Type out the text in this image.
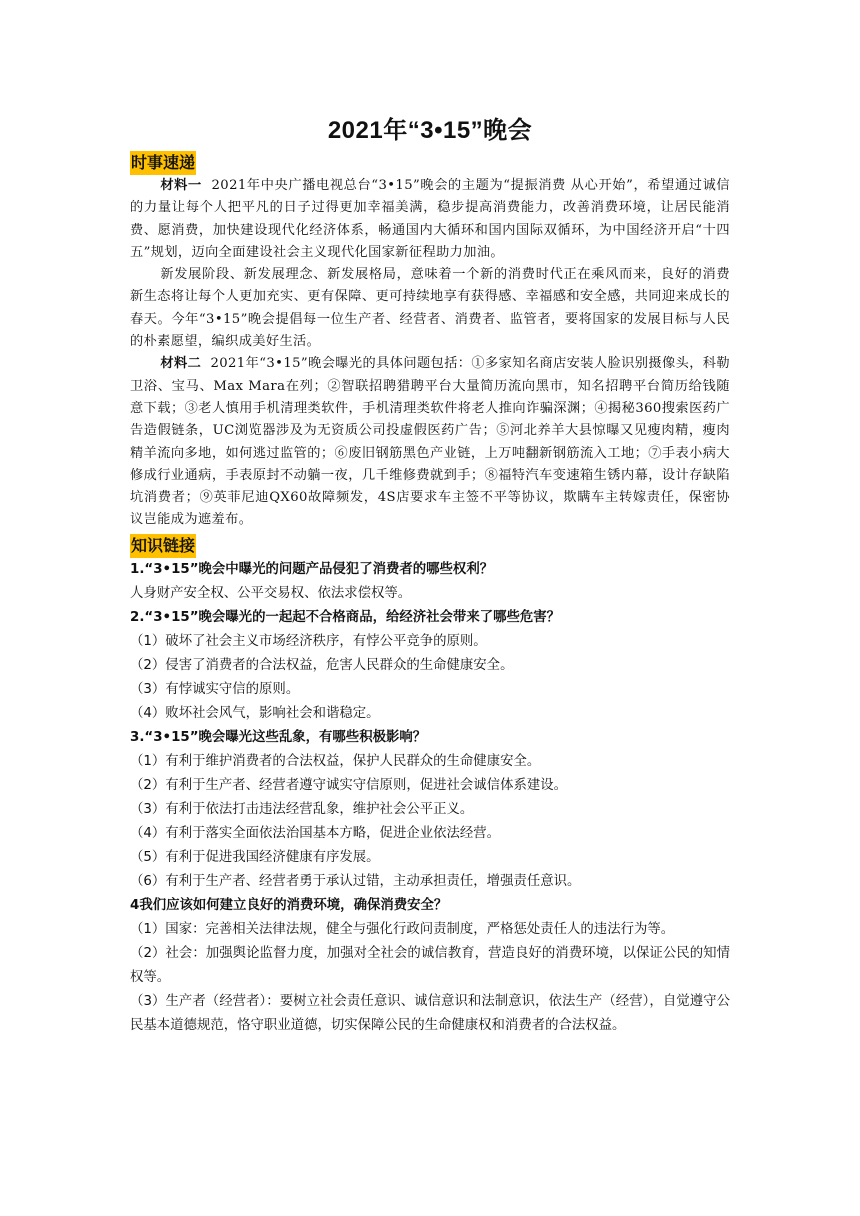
2021年“3•15”晚会
时事速递

材料一 2021年中央广播电视总台“3•15”晚会的主题为“提振消费 从心开始”，希望通过诚信的力量让每个人把平凡的日子过得更加幸福美满，稳步提高消费能力，改善消费环境，让居民能消费、愿消费，加快建设现代化经济体系，畅通国内大循环和国内国际双循环，为中国经济开启“十四五”规划，迈向全面建设社会主义现代化国家新征程助力加油。

新发展阶段、新发展理念、新发展格局，意味着一个新的消费时代正在乘风而来，良好的消费新生态将让每个人更加充实、更有保障、更可持续地享有获得感、幸福感和安全感，共同迎来成长的春天。今年“3•15”晚会提倡每一位生产者、经营者、消费者、监管者，要将国家的发展目标与人民的朴素愿望，编织成美好生活。

材料二 2021年“3•15”晚会曝光的具体问题包括：①多家知名商店安装人脸识别摄像头，科勒卫浴、宝马、Max Mara在列；②智联招聘猎聘平台大量简历流向黑市，知名招聘平台简历给钱随意下载；③老人慎用手机清理类软件，手机清理类软件将老人推向诈骗深渊；④揭秘360搜索医药广告造假链条，UC浏览器涉及为无资质公司投虚假医药广告；⑤河北养羊大县惊曝又见瘦肉精，瘦肉精羊流向多地，如何逃过监管的；⑥废旧钢筋黑色产业链，上万吨翻新钢筋流入工地；⑦手表小病大修成行业通病，手表原封不动躺一夜，几千维修费就到手；⑧福特汽车变速箱生锈内幕，设计存缺陷坑消费者；⑨英菲尼迪QX60故障频发，4S店要求车主签不平等协议，欺瞒车主转嫁责任，保密协议岂能成为遮羞布。

知识链接

1.“3•15”晚会中曝光的问题产品侵犯了消费者的哪些权利？

人身财产安全权、公平交易权、依法求偿权等。

2.“3•15”晚会曝光的一起起不合格商品，给经济社会带来了哪些危害？

（1）破坏了社会主义市场经济秩序，有悖公平竞争的原则。

（2）侵害了消费者的合法权益，危害人民群众的生命健康安全。

（3）有悖诚实守信的原则。

（4）败坏社会风气，影响社会和谐稳定。

3.“3•15”晚会曝光这些乱象，有哪些积极影响？

（1）有利于维护消费者的合法权益，保护人民群众的生命健康安全。

（2）有利于生产者、经营者遵守诚实守信原则，促进社会诚信体系建设。

（3）有利于依法打击违法经营乱象，维护社会公平正义。

（4）有利于落实全面依法治国基本方略，促进企业依法经营。

（5）有利于促进我国经济健康有序发展。

（6）有利于生产者、经营者勇于承认过错，主动承担责任，增强责任意识。

4我们应该如何建立良好的消费环境，确保消费安全？

（1）国家：完善相关法律法规，健全与强化行政问责制度，严格惩处责任人的违法行为等。

（2）社会：加强舆论监督力度，加强对全社会的诚信教育，营造良好的消费环境，以保证公民的知情权等。

（3）生产者（经营者）：要树立社会责任意识、诚信意识和法制意识，依法生产（经营），自觉遵守公民基本道德规范，恪守职业道德，切实保障公民的生命健康权和消费者的合法权益。
